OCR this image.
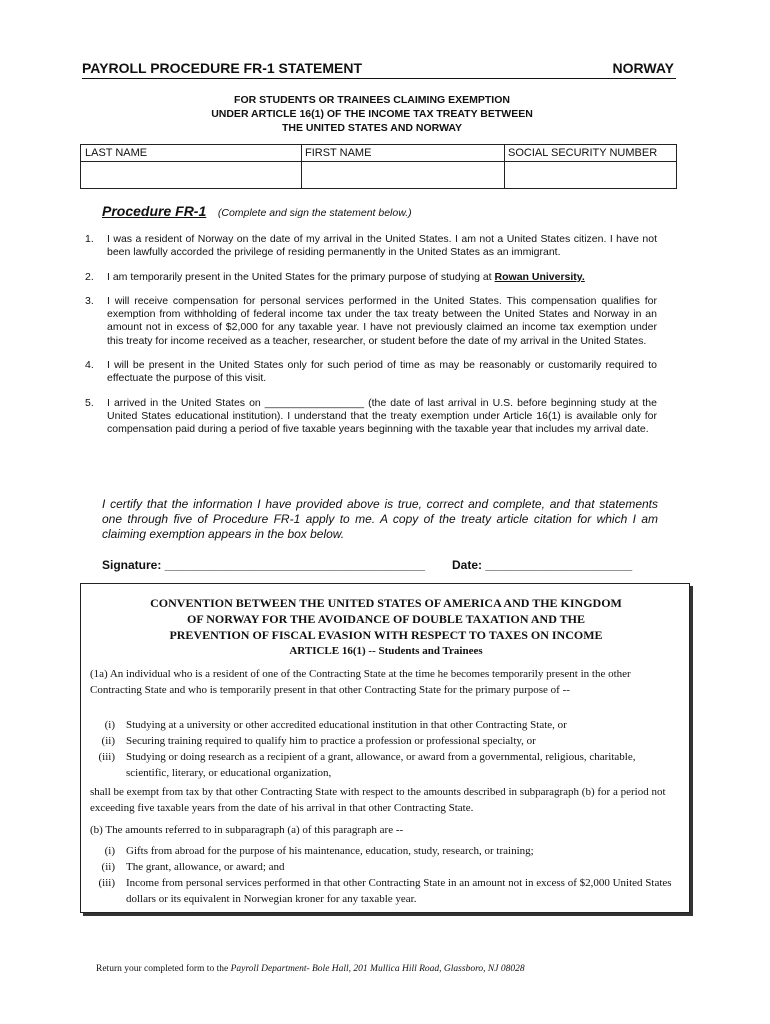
PAYROLL PROCEDURE FR-1 STATEMENT	NORWAY
FOR STUDENTS OR TRAINEES CLAIMING EXEMPTION
UNDER ARTICLE 16(1) OF THE INCOME TAX TREATY BETWEEN
THE UNITED STATES AND NORWAY
LAST NAME	FIRST NAME	SOCIAL SECURITY NUMBER
Procedure FR-1 (Complete and sign the statement below.)
1. I was a resident of Norway on the date of my arrival in the United States. I am not a United States citizen. I have not been lawfully accorded the privilege of residing permanently in the United States as an immigrant.
2. I am temporarily present in the United States for the primary purpose of studying at Rowan University.
3. I will receive compensation for personal services performed in the United States. This compensation qualifies for exemption from withholding of federal income tax under the tax treaty between the United States and Norway in an amount not in excess of $2,000 for any taxable year. I have not previously claimed an income tax exemption under this treaty for income received as a teacher, researcher, or student before the date of my arrival in the United States.
4. I will be present in the United States only for such period of time as may be reasonably or customarily required to effectuate the purpose of this visit.
5. I arrived in the United States on _________________ (the date of last arrival in U.S. before beginning study at the United States educational institution). I understand that the treaty exemption under Article 16(1) is available only for compensation paid during a period of five taxable years beginning with the taxable year that includes my arrival date.
I certify that the information I have provided above is true, correct and complete, and that statements one through five of Procedure FR-1 apply to me. A copy of the treaty article citation for which I am claiming exemption appears in the box below.
Signature: _______________________________________ Date: ______________________
CONVENTION BETWEEN THE UNITED STATES OF AMERICA AND THE KINGDOM
OF NORWAY FOR THE AVOIDANCE OF DOUBLE TAXATION AND THE
PREVENTION OF FISCAL EVASION WITH RESPECT TO TAXES ON INCOME
ARTICLE 16(1) -- Students and Trainees
(1a) An individual who is a resident of one of the Contracting State at the time he becomes temporarily present in the other Contracting State and who is temporarily present in that other Contracting State for the primary purpose of --
(i) Studying at a university or other accredited educational institution in that other Contracting State, or
(ii) Securing training required to qualify him to practice a profession or professional specialty, or
(iii) Studying or doing research as a recipient of a grant, allowance, or award from a governmental, religious, charitable, scientific, literary, or educational organization,
shall be exempt from tax by that other Contracting State with respect to the amounts described in subparagraph (b) for a period not exceeding five taxable years from the date of his arrival in that other Contracting State.
(b) The amounts referred to in subparagraph (a) of this paragraph are --
(i) Gifts from abroad for the purpose of his maintenance, education, study, research, or training;
(ii) The grant, allowance, or award; and
(iii) Income from personal services performed in that other Contracting State in an amount not in excess of $2,000 United States dollars or its equivalent in Norwegian kroner for any taxable year.
Return your completed form to the Payroll Department- Bole Hall, 201 Mullica Hill Road, Glassboro, NJ 08028
